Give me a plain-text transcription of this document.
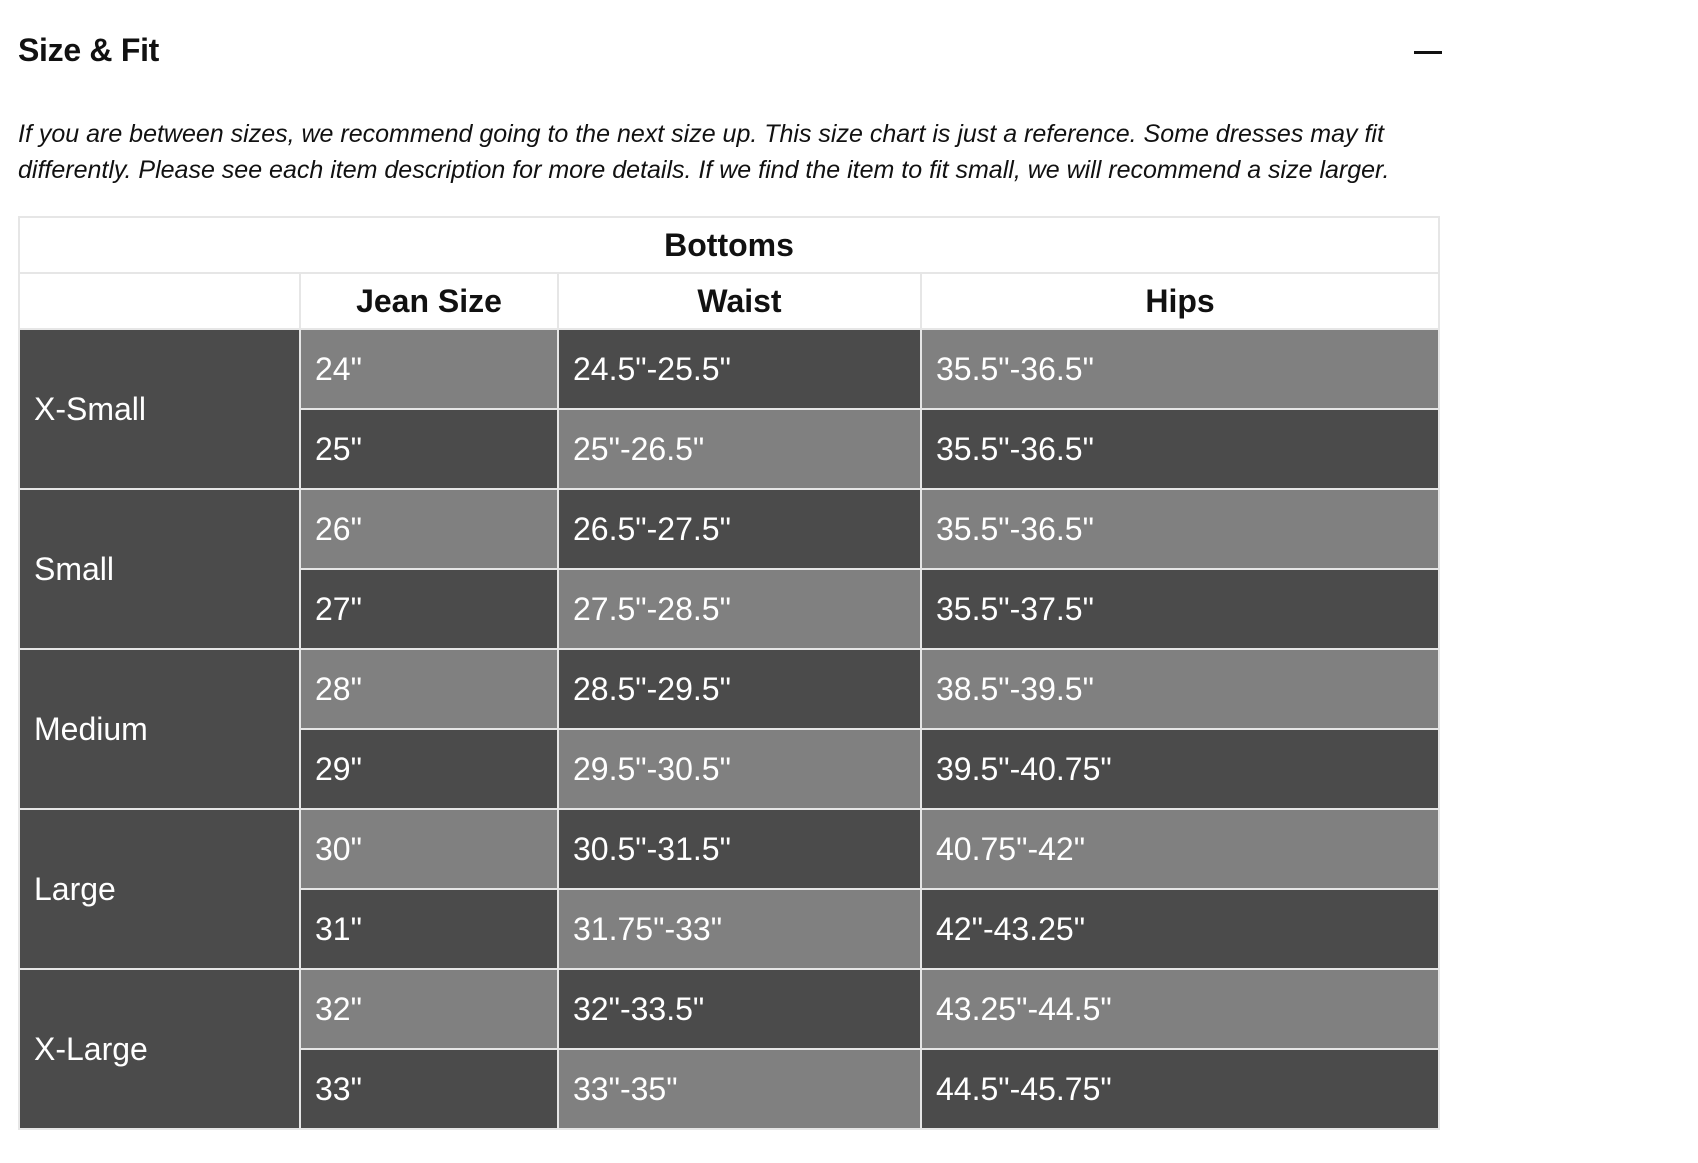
Size & Fit

If you are between sizes, we recommend going to the next size up. This size chart is just a reference. Some dresses may fit differently. Please see each item description for more details. If we find the item to fit small, we will recommend a size larger.

Bottoms			
	Jean Size	Waist	Hips
X-Small	24"	24.5"-25.5"	35.5"-36.5"
	25"	25"-26.5"	35.5"-36.5"
Small	26"	26.5"-27.5"	35.5"-36.5"
	27"	27.5"-28.5"	35.5"-37.5"
Medium	28"	28.5"-29.5"	38.5"-39.5"
	29"	29.5"-30.5"	39.5"-40.75"
Large	30"	30.5"-31.5"	40.75"-42"
	31"	31.75"-33"	42"-43.25"
X-Large	32"	32"-33.5"	43.25"-44.5"
	33"	33"-35"	44.5"-45.75"
